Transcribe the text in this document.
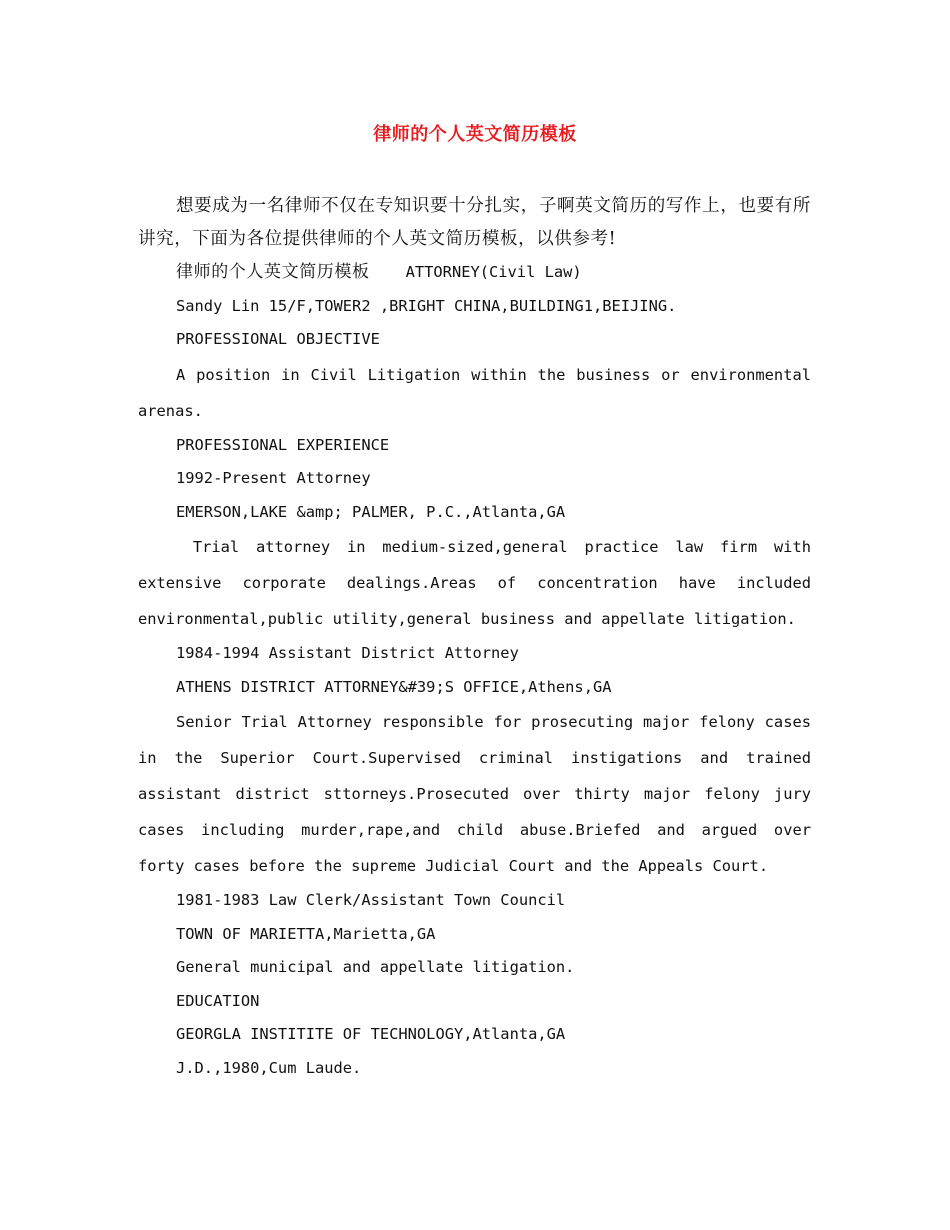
律师的个人英文简历模板

想要成为一名律师不仅在专知识要十分扎实，子啊英文简历的写作上，也要有所讲究，下面为各位提供律师的个人英文简历模板，以供参考!

律师的个人英文简历模板 ATTORNEY(Civil Law)

Sandy Lin 15/F,TOWER2 ,BRIGHT CHINA,BUILDING1,BEIJING.

PROFESSIONAL OBJECTIVE

A position in Civil Litigation within the business or environmental arenas.

PROFESSIONAL EXPERIENCE

1992-Present Attorney

EMERSON,LAKE &amp; PALMER, P.C.,Atlanta,GA

Trial attorney in medium-sized,general practice law firm with extensive corporate dealings.Areas of concentration have included environmental,public utility,general business and appellate litigation.

1984-1994 Assistant District Attorney

ATHENS DISTRICT ATTORNEY&#39;S OFFICE,Athens,GA

Senior Trial Attorney responsible for prosecuting major felony cases in the Superior Court.Supervised criminal instigations and trained assistant district sttorneys.Prosecuted over thirty major felony jury cases including murder,rape,and child abuse.Briefed and argued over forty cases before the supreme Judicial Court and the Appeals Court.

1981-1983 Law Clerk/Assistant Town Council

TOWN OF MARIETTA,Marietta,GA

General municipal and appellate litigation.

EDUCATION

GEORGLA INSTITITE OF TECHNOLOGY,Atlanta,GA

J.D.,1980,Cum Laude.
